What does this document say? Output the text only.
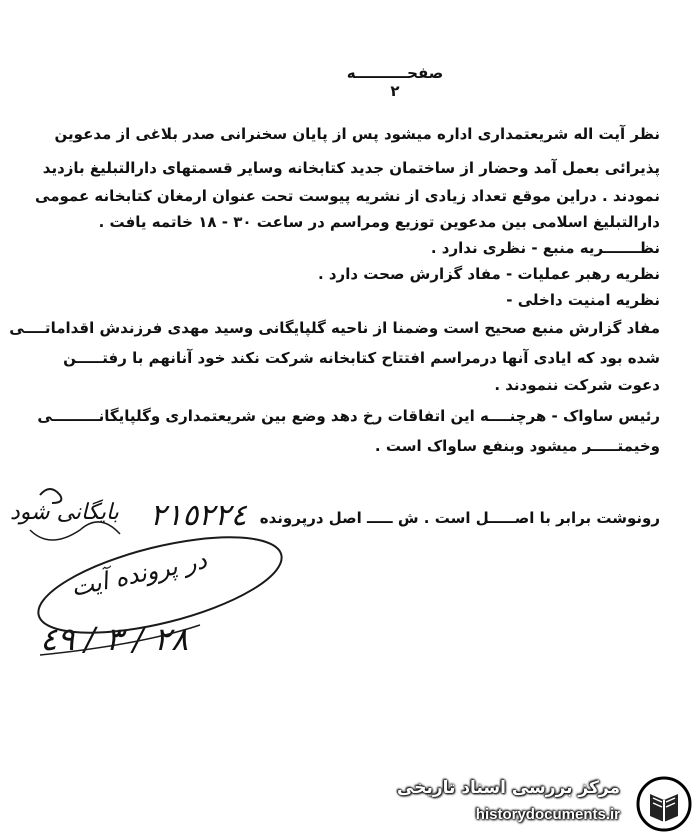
صفحــــــــــه ٢
نظر آیت اله شریعتمداری اداره میشود پس از پایان سخنرانی صدر بلاغی از مدعوین
پذیرائی بعمل آمد وحضار از ساختمان جدید کتابخانه وسایر قسمتهای دارالتبلیغ بازدید
نمودند . دراین موقع تعداد زیادی از نشریه پیوست تحت عنوان ارمغان کتابخانه عمومی
دارالتبلیغ اسلامی بین مدعوین توزیع ومراسم در ساعت ٣٠ - ١٨ خاتمه یافت .
نظـــــــریه منبع - نظری ندارد .
نظریه رهبر عملیات - مفاد گزارش صحت دارد .
نظریه امنیت داخلی -
مفاد گزارش منبع صحیح است وضمنا از ناحیه گلپایگانی وسید مهدی فرزندش اقداماتــــی
شده بود که ایادی آنها درمراسم افتتاح کتابخانه شرکت نکند خود آنانهم با رفتـــــن
دعوت شرکت ننمودند .
رئیس ساواک - هرچنــــه این اتفاقات رخ دهد وضع بین شریعتمداری وگلپایگانـــــــــی
وخیمتـــــر میشود وبنفع ساواک است .
رونوشت برابر با اصـــــل است . ش ـــــ اصل درپرونده
٢١٥٢٢٤
بایگانی شود
در پرونده آیت
٢٨ / ٣ / ٤٩
مرکز بررسی اسناد تاریخی
historydocuments.ir
